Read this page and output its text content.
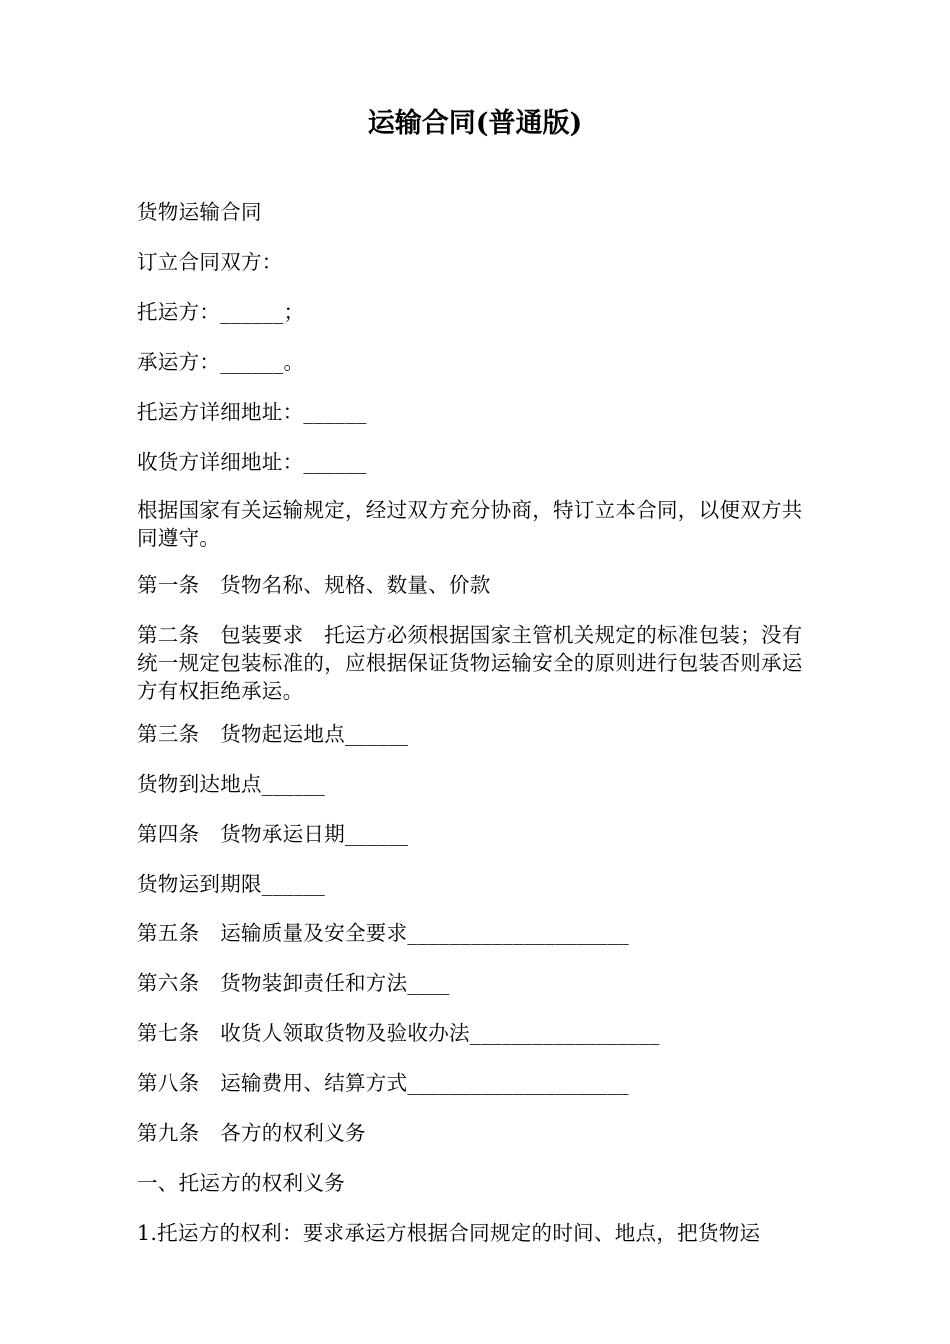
运输合同(普通版)

货物运输合同

订立合同双方：

托运方：______；

承运方：______。

托运方详细地址：______

收货方详细地址：______

根据国家有关运输规定，经过双方充分协商，特订立本合同，以便双方共同遵守。

第一条　货物名称、规格、数量、价款

第二条　包装要求　托运方必须根据国家主管机关规定的标准包装；没有统一规定包装标准的，应根据保证货物运输安全的原则进行包装否则承运方有权拒绝承运。

第三条　货物起运地点______

货物到达地点______

第四条　货物承运日期______

货物运到期限______

第五条　运输质量及安全要求_____________________

第六条　货物装卸责任和方法____

第七条　收货人领取货物及验收办法__________________

第八条　运输费用、结算方式_____________________

第九条　各方的权利义务

一、托运方的权利义务

1.托运方的权利：要求承运方根据合同规定的时间、地点，把货物运
